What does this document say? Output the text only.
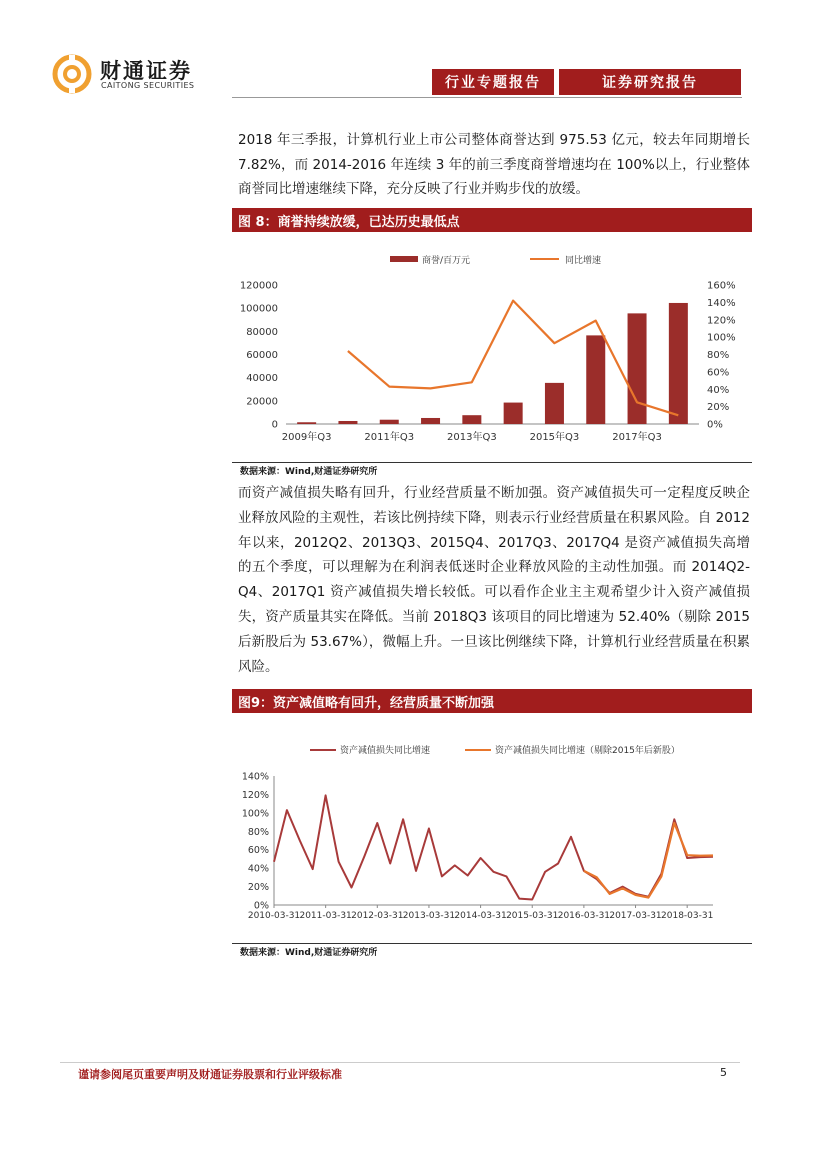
财通证券
CAITONG SECURITIES	行业专题报告	证券研究报告
2018 年三季报，计算机行业上市公司整体商誉达到 975.53 亿元，较去年同期增长 7.82%，而 2014-2016 年连续 3 年的前三季度商誉增速均在 100%以上，行业整体商誉同比增速继续下降，充分反映了行业并购步伐的放缓。
图 8：商誉持续放缓，已达历史最低点
0
20000
40000
60000
80000
100000
120000
0%
20%
40%
60%
80%
100%
120%
140%
160%
2009年Q3	2011年Q3	2013年Q3	2015年Q3	2017年Q3
商誉/百万元	同比增速
数据来源：Wind,财通证券研究所
而资产减值损失略有回升，行业经营质量不断加强。资产减值损失可一定程度反映企业释放风险的主观性，若该比例持续下降，则表示行业经营质量在积累风险。自 2012 年以来，2012Q2、2013Q3、2015Q4、2017Q3、2017Q4 是资产减值损失高增的五个季度，可以理解为在利润表低迷时企业释放风险的主动性加强。而 2014Q2-Q4、2017Q1 资产减值损失增长较低。可以看作企业主主观希望少计入资产减值损失，资产质量其实在降低。当前 2018Q3 该项目的同比增速为 52.40%（剔除 2015 后新股后为 53.67%），微幅上升。一旦该比例继续下降，计算机行业经营质量在积累风险。
图9：资产减值略有回升，经营质量不断加强
0%
20%
40%
60%
80%
100%
120%
140%
2010-03-31 2011-03-31 2012-03-31 2013-03-31 2014-03-31 2015-03-31 2016-03-31 2017-03-31 2018-03-31
资产减值损失同比增速	资产减值损失同比增速（剔除2015年后新股）
数据来源：Wind,财通证券研究所
谨请参阅尾页重要声明及财通证券股票和行业评级标准	5
